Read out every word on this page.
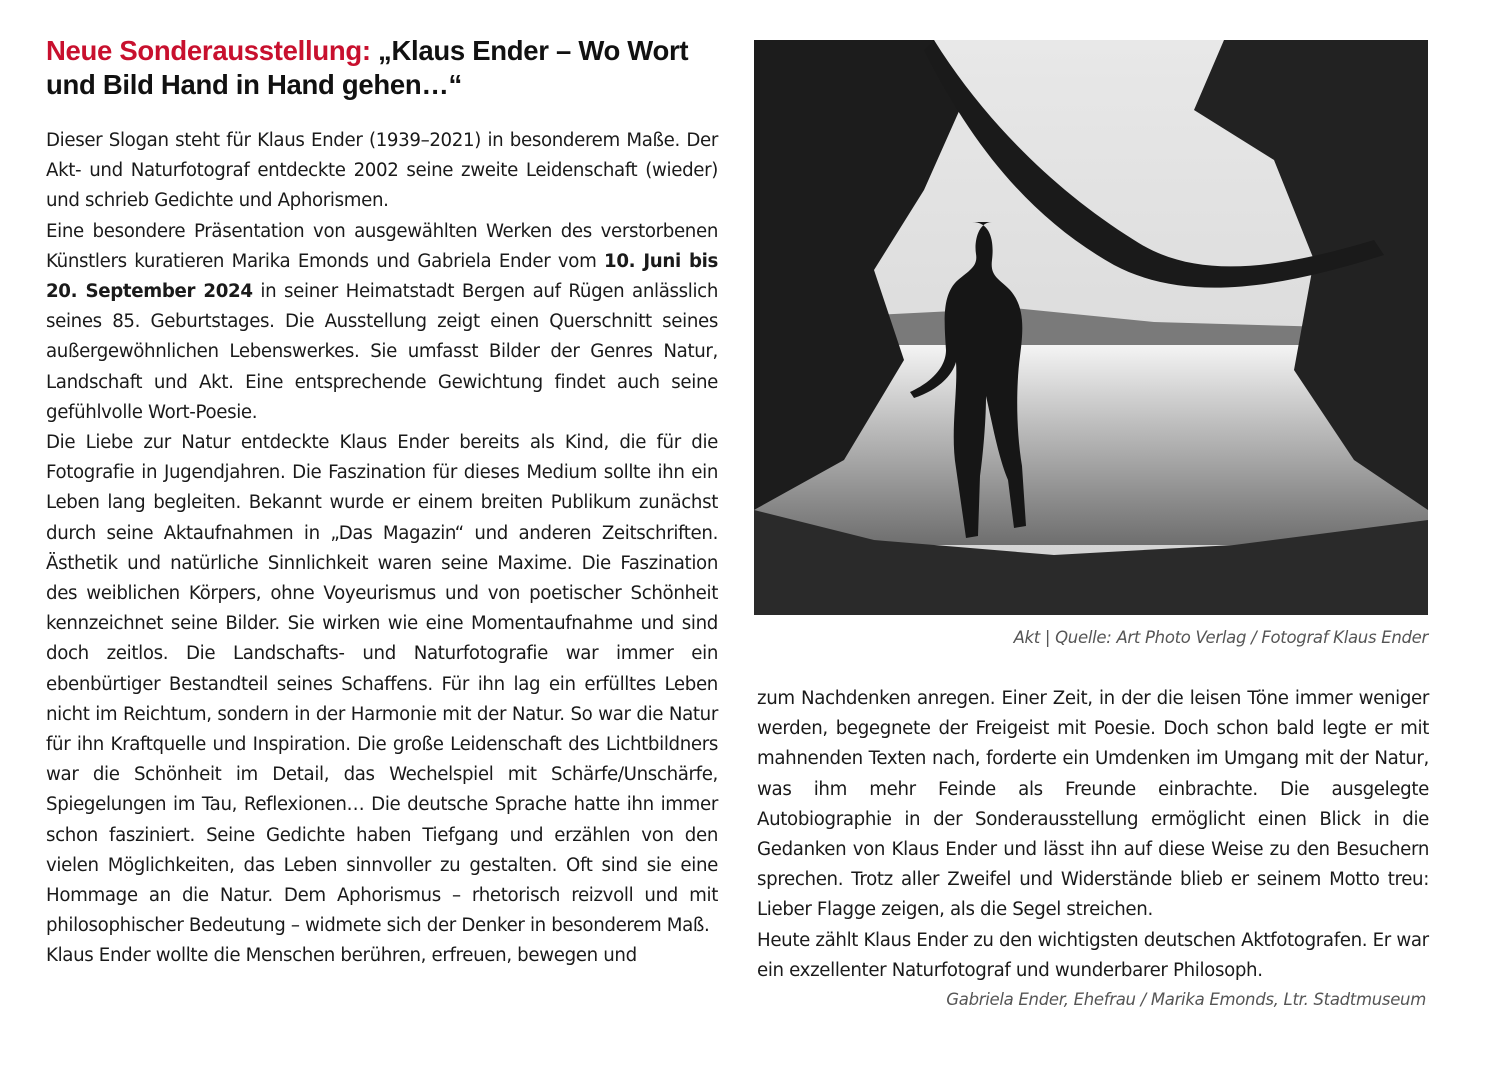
Neue Sonderausstellung: „Klaus Ender – Wo Wort und Bild Hand in Hand gehen…“

Dieser Slogan steht für Klaus Ender (1939–2021) in besonderem Maße. Der Akt- und Naturfotograf entdeckte 2002 seine zweite Leidenschaft (wieder) und schrieb Gedichte und Aphorismen.

Eine besondere Präsentation von ausgewählten Werken des verstorbenen Künstlers kuratieren Marika Emonds und Gabriela Ender vom 10. Juni bis 20. September 2024 in seiner Heimatstadt Bergen auf Rügen anlässlich seines 85. Geburtstages. Die Ausstellung zeigt einen Querschnitt seines außergewöhnlichen Lebenswerkes. Sie umfasst Bilder der Genres Natur, Landschaft und Akt. Eine entsprechende Gewichtung findet auch seine gefühlvolle Wort-Poesie.

Die Liebe zur Natur entdeckte Klaus Ender bereits als Kind, die für die Fotografie in Jugendjahren. Die Faszination für dieses Medium sollte ihn ein Leben lang begleiten. Bekannt wurde er einem breiten Publikum zunächst durch seine Aktaufnahmen in „Das Magazin“ und anderen Zeitschriften. Ästhetik und natürliche Sinnlichkeit waren seine Maxime. Die Faszination des weiblichen Körpers, ohne Voyeurismus und von poetischer Schönheit kennzeichnet seine Bilder. Sie wirken wie eine Momentaufnahme und sind doch zeitlos. Die Landschafts- und Naturfotografie war immer ein ebenbürtiger Bestandteil seines Schaffens. Für ihn lag ein erfülltes Leben nicht im Reichtum, sondern in der Harmonie mit der Natur. So war die Natur für ihn Kraftquelle und Inspiration. Die große Leidenschaft des Lichtbildners war die Schönheit im Detail, das Wechelspiel mit Schärfe/​Unschärfe, Spiegelungen im Tau, Reflexionen… Die deutsche Sprache hatte ihn immer schon fasziniert. Seine Gedichte haben Tiefgang und erzählen von den vielen Möglichkeiten, das Leben sinnvoller zu gestalten. Oft sind sie eine Hommage an die Natur. Dem Aphorismus – rhetorisch reizvoll und mit philosophischer Bedeutung – widmete sich der Denker in besonderem Maß.

Klaus Ender wollte die Menschen berühren, erfreuen, bewegen und

Akt | Quelle: Art Photo Verlag / Fotograf Klaus Ender

zum Nachdenken anregen. Einer Zeit, in der die leisen Töne immer weniger werden, begegnete der Freigeist mit Poesie. Doch schon bald legte er mit mahnenden Texten nach, forderte ein Umdenken im Umgang mit der Natur, was ihm mehr Feinde als Freunde einbrachte. Die ausgelegte Autobiographie in der Sonderausstellung ermöglicht einen Blick in die Gedanken von Klaus Ender und lässt ihn auf diese Weise zu den Besuchern sprechen. Trotz aller Zweifel und Widerstände blieb er seinem Motto treu: Lieber Flagge zeigen, als die Segel streichen.

Heute zählt Klaus Ender zu den wichtigsten deutschen Aktfotografen. Er war ein exzellenter Naturfotograf und wunderbarer Philosoph.

Gabriela Ender, Ehefrau / Marika Emonds, Ltr. Stadtmuseum
